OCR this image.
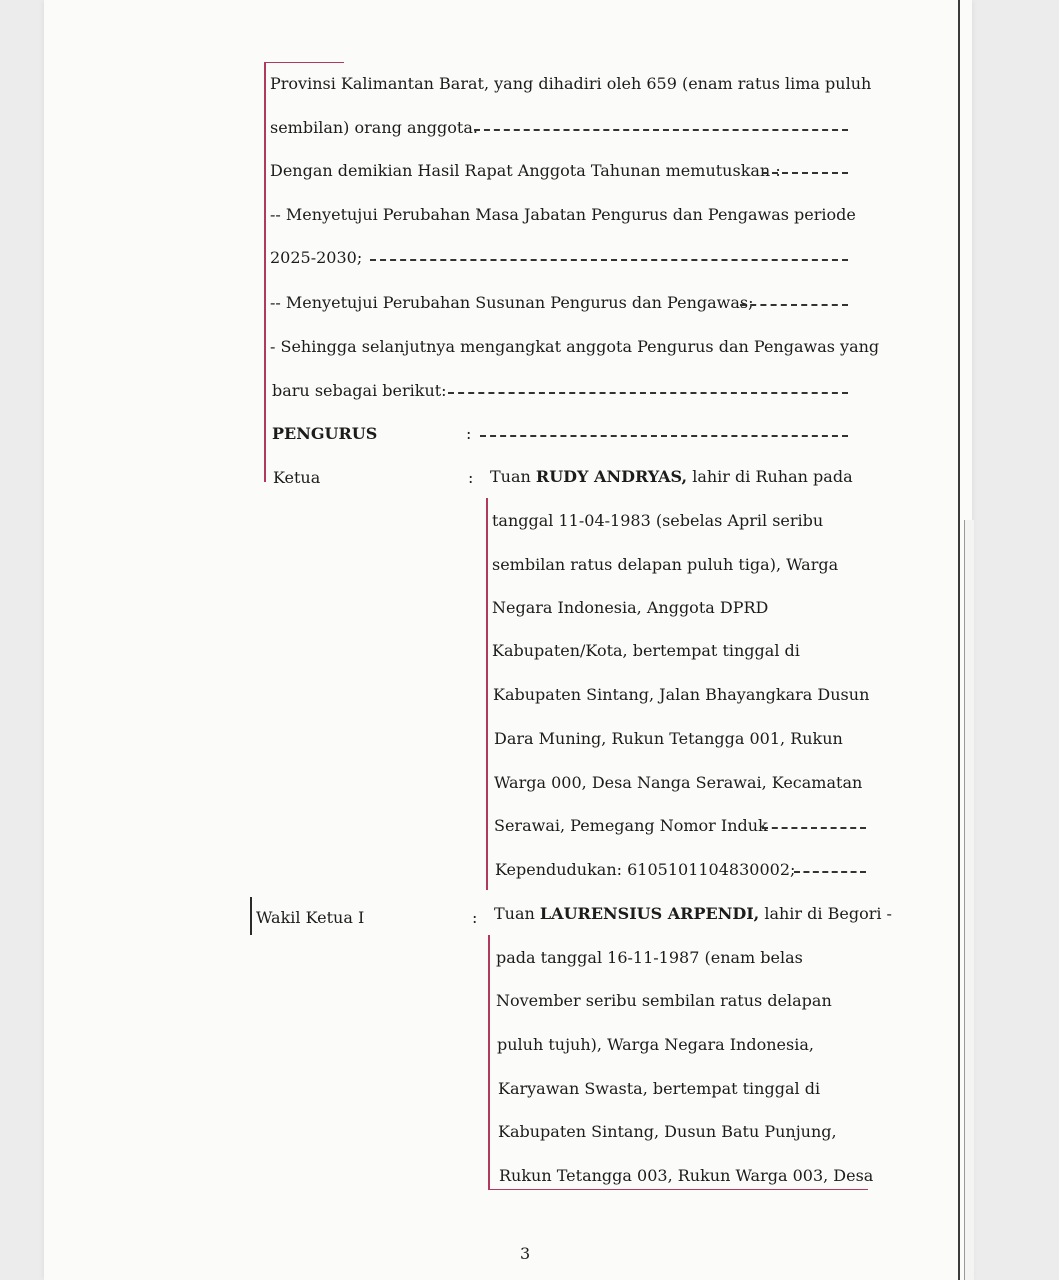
Provinsi Kalimantan Barat, yang dihadiri oleh 659 (enam ratus lima puluh
sembilan) orang anggota.
Dengan demikian Hasil Rapat Anggota Tahunan memutuskan :
-- Menyetujui Perubahan Masa Jabatan Pengurus dan Pengawas periode
2025-2030;
-- Menyetujui Perubahan Susunan Pengurus dan Pengawas;
- Sehingga selanjutnya mengangkat anggota Pengurus dan Pengawas yang
baru sebagai berikut:
PENGURUS	:
Ketua	: Tuan RUDY ANDRYAS, lahir di Ruhan pada
tanggal 11-04-1983 (sebelas April seribu
sembilan ratus delapan puluh tiga), Warga
Negara Indonesia, Anggota DPRD
Kabupaten/Kota, bertempat tinggal di
Kabupaten Sintang, Jalan Bhayangkara Dusun
Dara Muning, Rukun Tetangga 001, Rukun
Warga 000, Desa Nanga Serawai, Kecamatan
Serawai, Pemegang Nomor Induk
Kependudukan: 6105101104830002;
Wakil Ketua I	: Tuan LAURENSIUS ARPENDI, lahir di Begori -
pada tanggal 16-11-1987 (enam belas
November seribu sembilan ratus delapan
puluh tujuh), Warga Negara Indonesia,
Karyawan Swasta, bertempat tinggal di
Kabupaten Sintang, Dusun Batu Punjung,
Rukun Tetangga 003, Rukun Warga 003, Desa
3
